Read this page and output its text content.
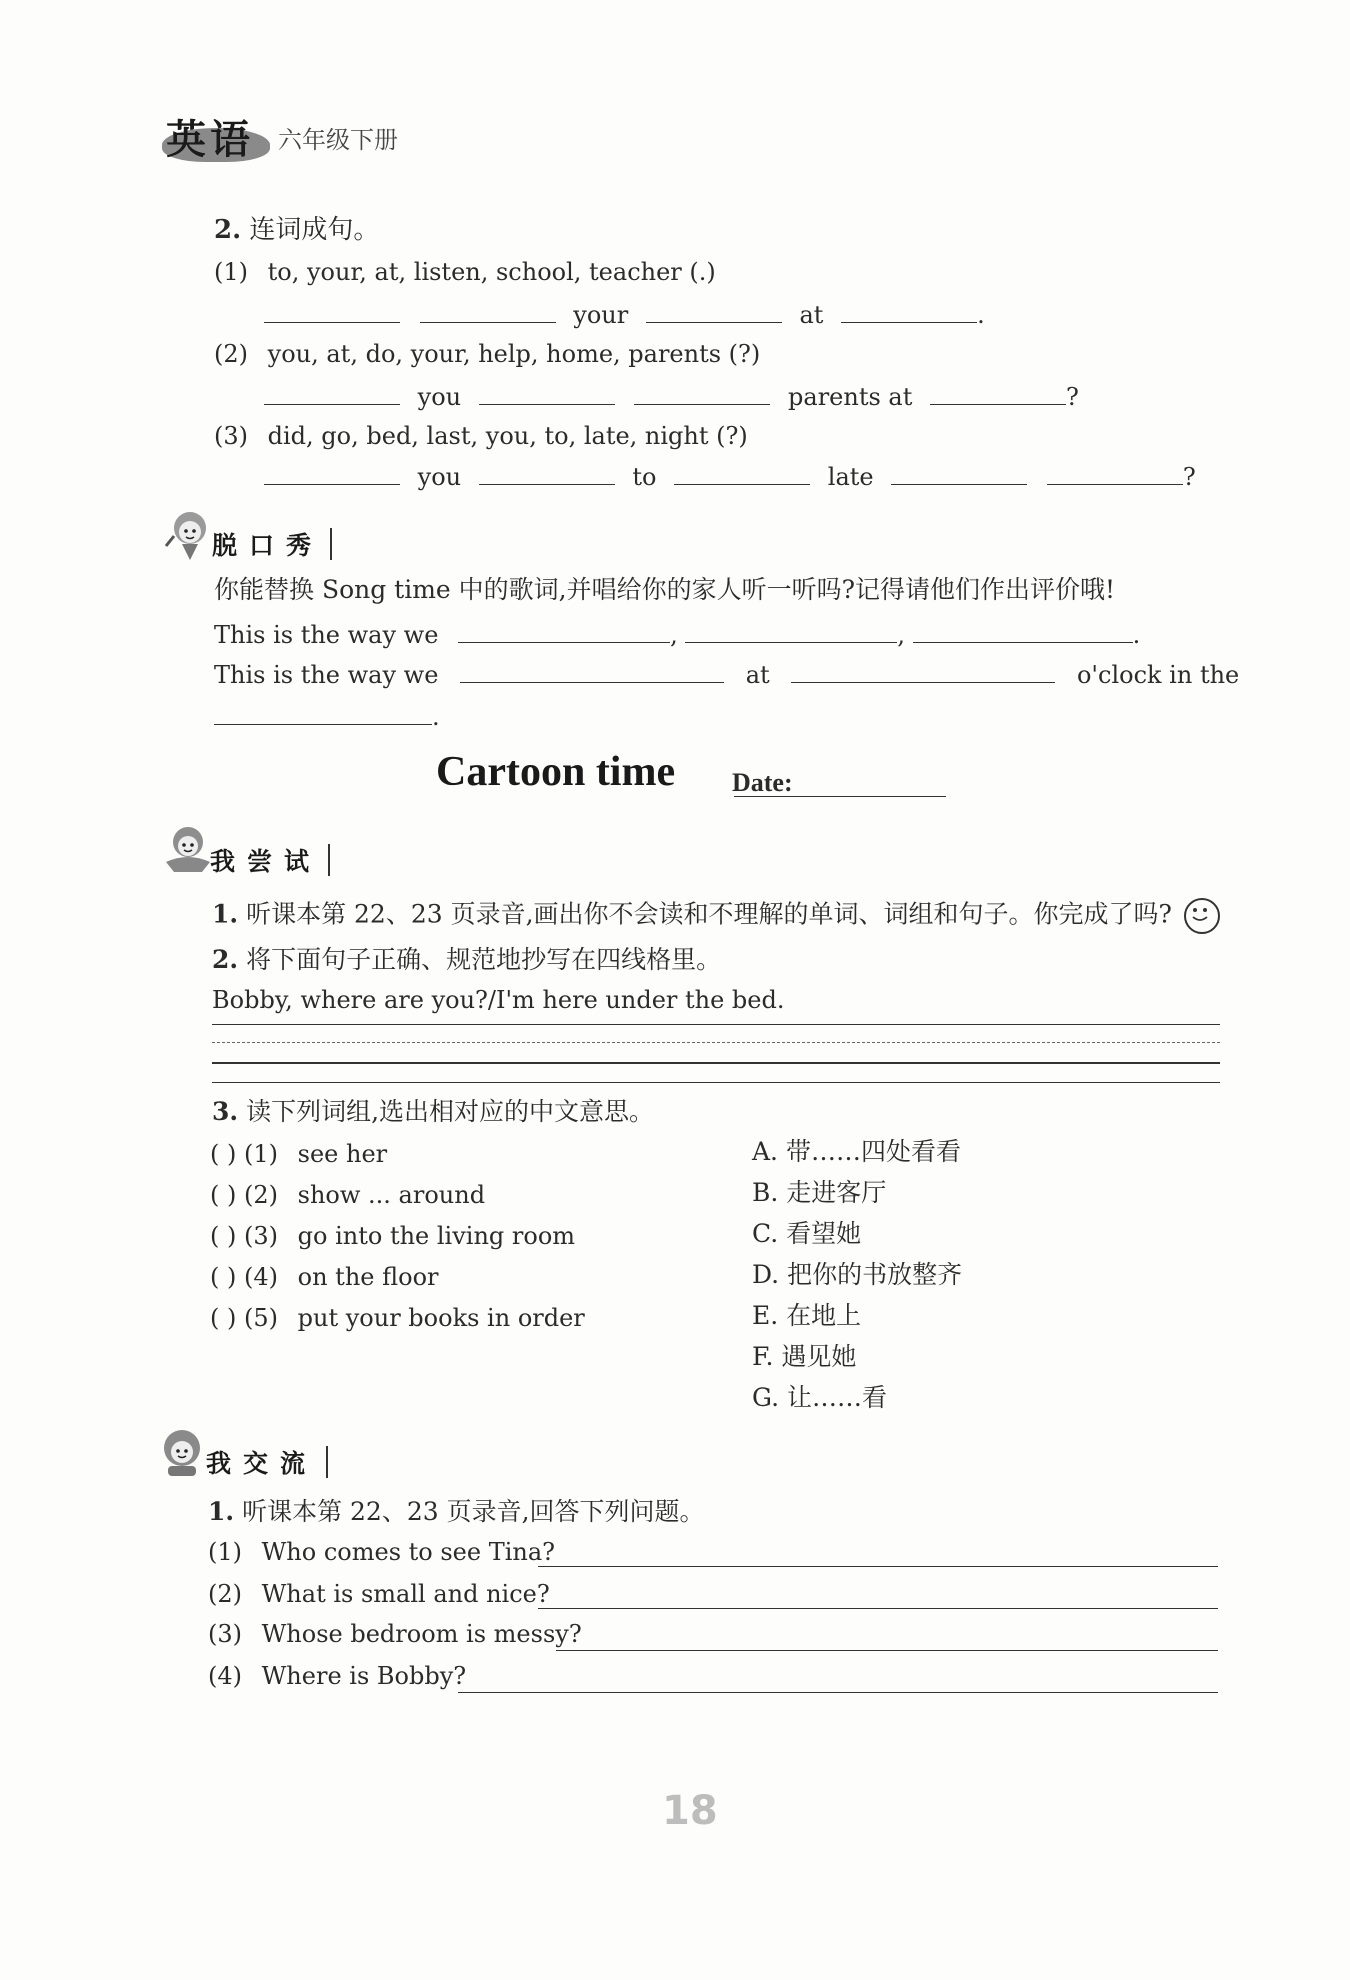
英语 六年级下册
2. 连词成句。
(1) to, your, at, listen, school, teacher (.)
your	at	.
(2) you, at, do, your, help, home, parents (?)
you	parents at	?
(3) did, go, bed, last, you, to, late, night (?)
you	to	late	?
脱口秀
你能替换 Song time 中的歌词,并唱给你的家人听一听吗?记得请他们作出评价哦!
This is the way we	,	,	.
This is the way we	at	o'clock in the
.
Cartoon time Date:
我尝试
1. 听课本第 22、23 页录音,画出你不会读和不理解的单词、词组和句子。你完成了吗?
2. 将下面句子正确、规范地抄写在四线格里。
Bobby, where are you?/I'm here under the bed.
3. 读下列词组,选出相对应的中文意思。
( ) (1) see her
( ) (2) show ... around
( ) (3) go into the living room
( ) (4) on the floor
( ) (5) put your books in order
A. 带……四处看看
B. 走进客厅
C. 看望她
D. 把你的书放整齐
E. 在地上
F. 遇见她
G. 让……看
我交流
1. 听课本第 22、23 页录音,回答下列问题。
(1) Who comes to see Tina?
(2) What is small and nice?
(3) Whose bedroom is messy?
(4) Where is Bobby?
18
